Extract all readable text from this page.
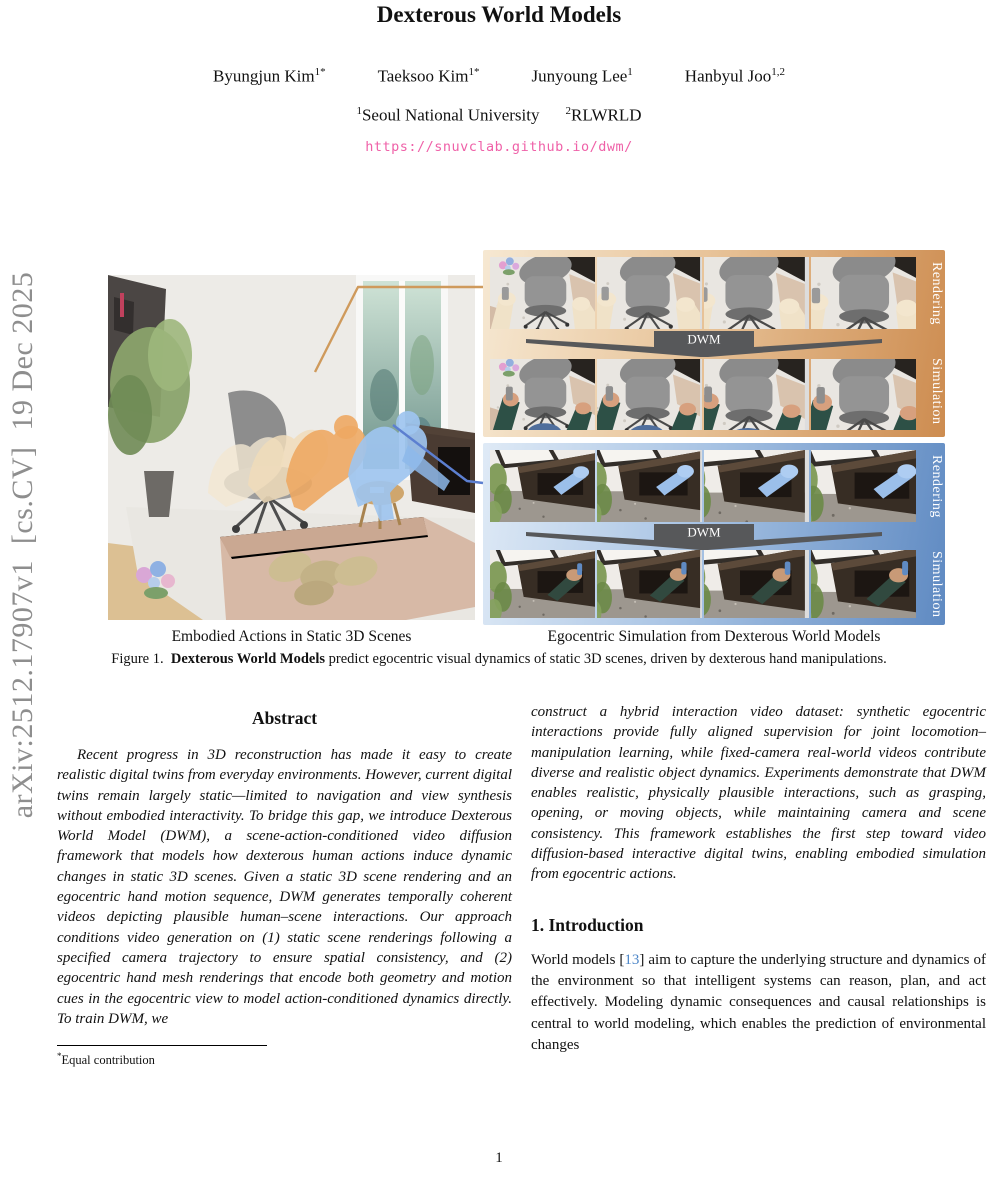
arXiv:2512.17907v1  [cs.CV]  19 Dec 2025
Dexterous World Models
Byungjun Kim$^{1*}$	Taeksoo Kim$^{1*}$	Junyoung Lee$^1$	Hanbyul Joo$^{1,2}$
$^1$Seoul National University $^2$RLWRLD
https://snuvclab.github.io/dwm/
DWM
Rendering
Simulation
DWM
Rendering
Simulation
Embodied Actions in Static 3D Scenes	Egocentric Simulation from Dexterous World Models
Figure 1. Dexterous World Models predict egocentric visual dynamics of static 3D scenes, driven by dexterous hand manipulations.
Abstract

Recent progress in 3D reconstruction has made it easy to create realistic digital twins from everyday environments. However, current digital twins remain largely static—limited to navigation and view synthesis without embodied interactivity. To bridge this gap, we introduce Dexterous World Model (DWM), a scene-action-conditioned video diffusion framework that models how dexterous human actions induce dynamic changes in static 3D scenes. Given a static 3D scene rendering and an egocentric hand motion sequence, DWM generates temporally coherent videos depicting plausible human–scene interactions. Our approach conditions video generation on (1) static scene renderings following a specified camera trajectory to ensure spatial consistency, and (2) egocentric hand mesh renderings that encode both geometry and motion cues in the egocentric view to model action-conditioned dynamics directly. To train DWM, we

*Equal contribution

construct a hybrid interaction video dataset: synthetic egocentric interactions provide fully aligned supervision for joint locomotion–manipulation learning, while fixed-camera real-world videos contribute diverse and realistic object dynamics. Experiments demonstrate that DWM enables realistic, physically plausible interactions, such as grasping, opening, or moving objects, while maintaining camera and scene consistency. This framework establishes the first step toward video diffusion-based interactive digital twins, enabling embodied simulation from egocentric actions.

1. Introduction

World models [13] aim to capture the underlying structure and dynamics of the environment so that intelligent systems can reason, plan, and act effectively. Modeling dynamic consequences and causal relationships is central to world modeling, which enables the prediction of environmental changes

1
